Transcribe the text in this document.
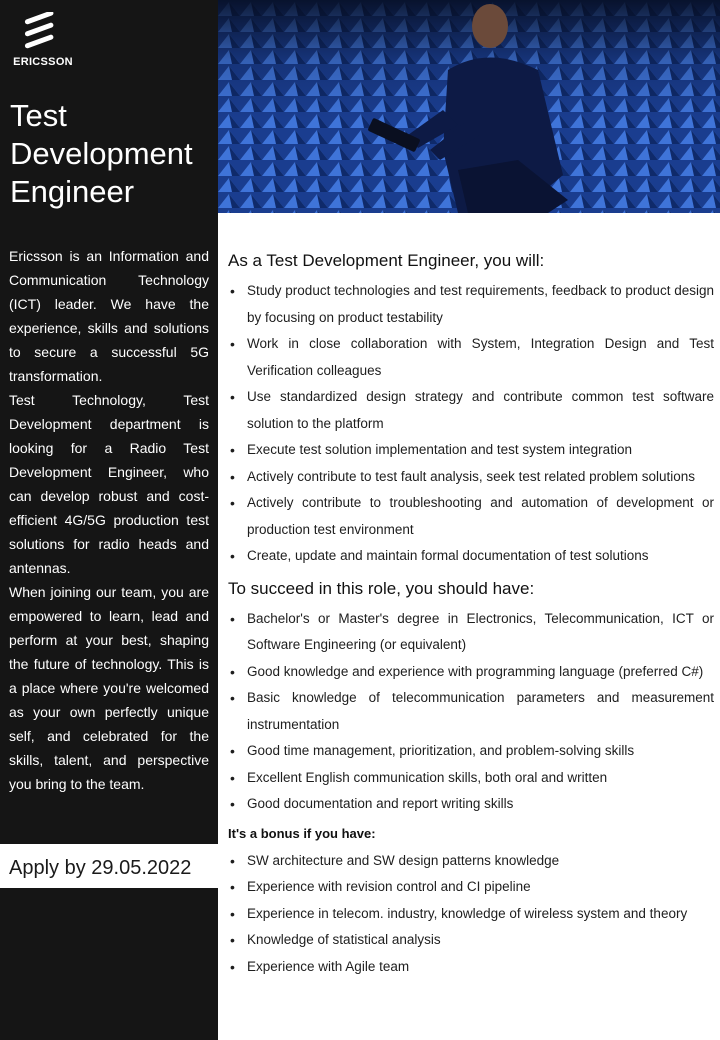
ERICSSON
Test Development Engineer

Ericsson is an Information and Communication Technology (ICT) leader. We have the experience, skills and solutions to secure a successful 5G transformation.

Test Technology, Test Development department is looking for a Radio Test Development Engineer, who can develop robust and cost-efficient 4G/5G production test solutions for radio heads and antennas.

When joining our team, you are empowered to learn, lead and perform at your best, shaping the future of technology. This is a place where you're welcomed as your own perfectly unique self, and celebrated for the skills, talent, and perspective you bring to the team.

Apply by 29.05.2022
As a Test Development Engineer, you will:
• Study product technologies and test requirements, feedback to product design by focusing on product testability
• Work in close collaboration with System, Integration Design and Test Verification colleagues
• Use standardized design strategy and contribute common test software solution to the platform
• Execute test solution implementation and test system integration
• Actively contribute to test fault analysis, seek test related problem solutions
• Actively contribute to troubleshooting and automation of development or production test environment
• Create, update and maintain formal documentation of test solutions
To succeed in this role, you should have:
• Bachelor's or Master's degree in Electronics, Telecommunication, ICT or Software Engineering (or equivalent)
• Good knowledge and experience with programming language (preferred C#)
• Basic knowledge of telecommunication parameters and measurement instrumentation
• Good time management, prioritization, and problem-solving skills
• Excellent English communication skills, both oral and written
• Good documentation and report writing skills
It's a bonus if you have:
• SW architecture and SW design patterns knowledge
• Experience with revision control and CI pipeline
• Experience in telecom. industry, knowledge of wireless system and theory
• Knowledge of statistical analysis
• Experience with Agile team
